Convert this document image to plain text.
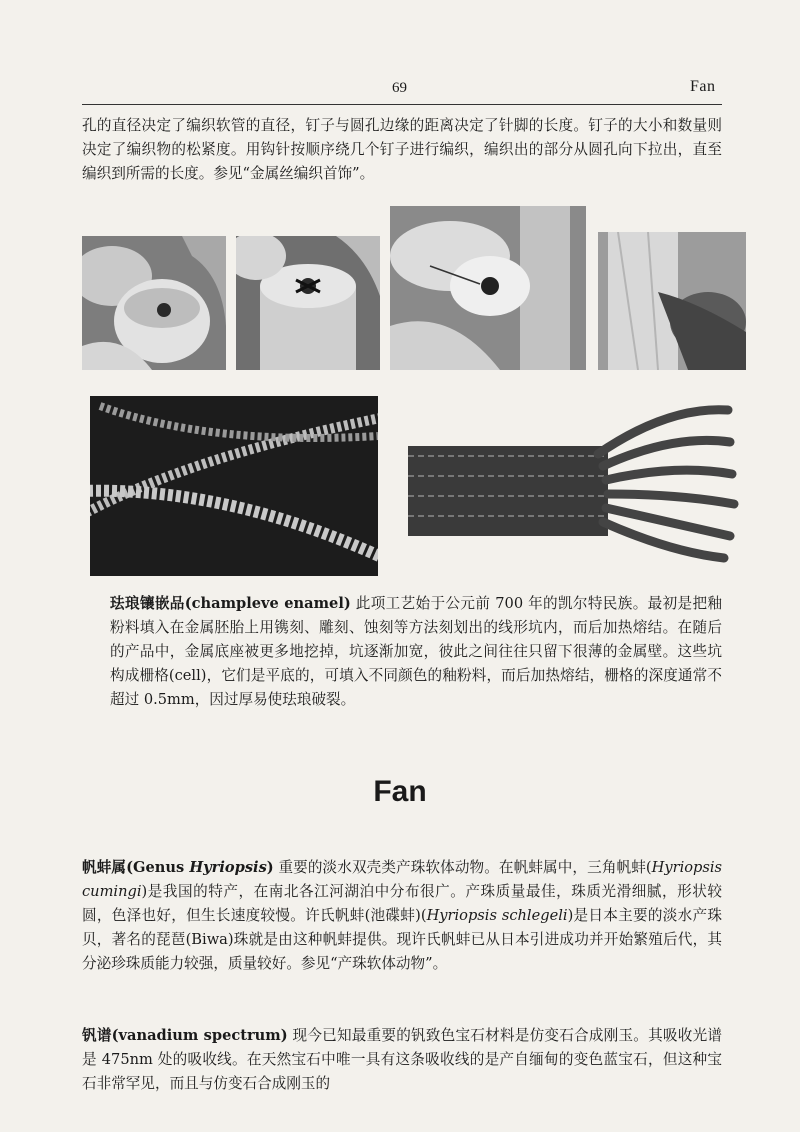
69	Fan
孔的直径决定了编织软管的直径，钉子与圆孔边缘的距离决定了针脚的长度。钉子的大小和数量则决定了编织物的松紧度。用钩针按顺序绕几个钉子进行编织，编织出的部分从圆孔向下拉出，直至编织到所需的长度。参见“金属丝编织首饰”。
珐琅镶嵌品(champleve enamel) 此项工艺始于公元前 700 年的凯尔特民族。最初是把釉粉料填入在金属胚胎上用镌刻、雕刻、蚀刻等方法刻划出的线形坑内，而后加热熔结。在随后的产品中，金属底座被更多地挖掉，坑逐渐加宽，彼此之间往往只留下很薄的金属壁。这些坑构成栅格(cell)，它们是平底的，可填入不同颜色的釉粉料，而后加热熔结，栅格的深度通常不超过 0.5mm，因过厚易使珐琅破裂。
Fan
帆蚌属(Genus Hyriopsis) 重要的淡水双壳类产珠软体动物。在帆蚌属中，三角帆蚌(Hyriopsis cumingi)是我国的特产，在南北各江河湖泊中分布很广。产珠质量最佳，珠质光滑细腻，形状较圆，色泽也好，但生长速度较慢。许氏帆蚌(池碟蚌)(Hyriopsis schlegeli)是日本主要的淡水产珠贝，著名的琵琶(Biwa)珠就是由这种帆蚌提供。现许氏帆蚌已从日本引进成功并开始繁殖后代，其分泌珍珠质能力较强，质量较好。参见“产珠软体动物”。
钒谱(vanadium spectrum) 现今已知最重要的钒致色宝石材料是仿变石合成刚玉。其吸收光谱是 475nm 处的吸收线。在天然宝石中唯一具有这条吸收线的是产自缅甸的变色蓝宝石，但这种宝石非常罕见，而且与仿变石合成刚玉的
